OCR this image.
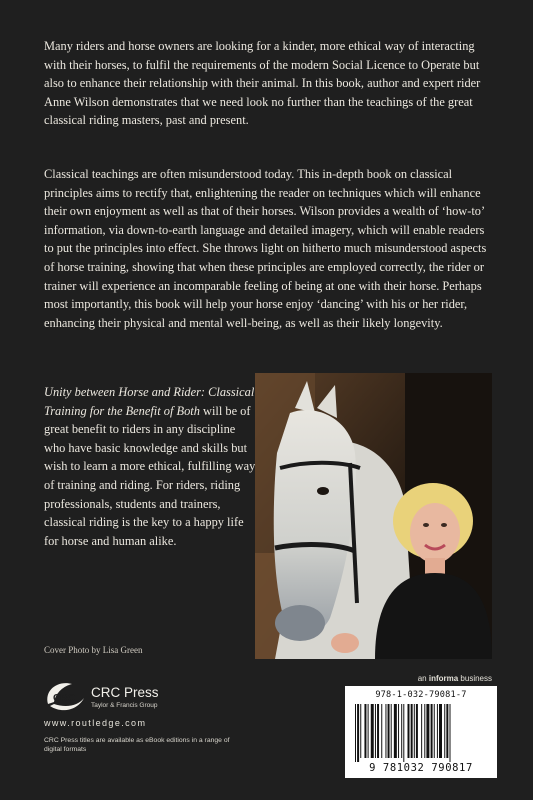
Many riders and horse owners are looking for a kinder, more ethical way of interacting with their horses, to fulfil the requirements of the modern Social Licence to Operate but also to enhance their relationship with their animal. In this book, author and expert rider Anne Wilson demonstrates that we need look no further than the teachings of the great classical riding masters, past and present.

Classical teachings are often misunderstood today. This in-depth book on classical principles aims to rectify that, enlightening the reader on techniques which will enhance their own enjoyment as well as that of their horses. Wilson provides a wealth of ‘how-to’ information, via down-to-earth language and detailed imagery, which will enable readers to put the principles into effect. She throws light on hitherto much misunderstood aspects of horse training, showing that when these principles are employed correctly, the rider or trainer will experience an incomparable feeling of being at one with their horse. Perhaps most importantly, this book will help your horse enjoy ‘dancing’ with his or her rider, enhancing their physical and mental well-being, as well as their likely longevity.

Unity between Horse and Rider: Classical Training for the Benefit of Both will be of great benefit to riders in any discipline who have basic knowledge and skills but wish to learn a more ethical, fulfilling way of training and riding. For riders, riding professionals, students and trainers, classical riding is the key to a happy life for horse and human alike.

Cover Photo by Lisa Green
an informa business
CRC CRC Press
Taylor & Francis Group
www.routledge.com
CRC Press titles are available as eBook editions in a range of digital formats
978-1-032-79081-7
9 781032 790817
